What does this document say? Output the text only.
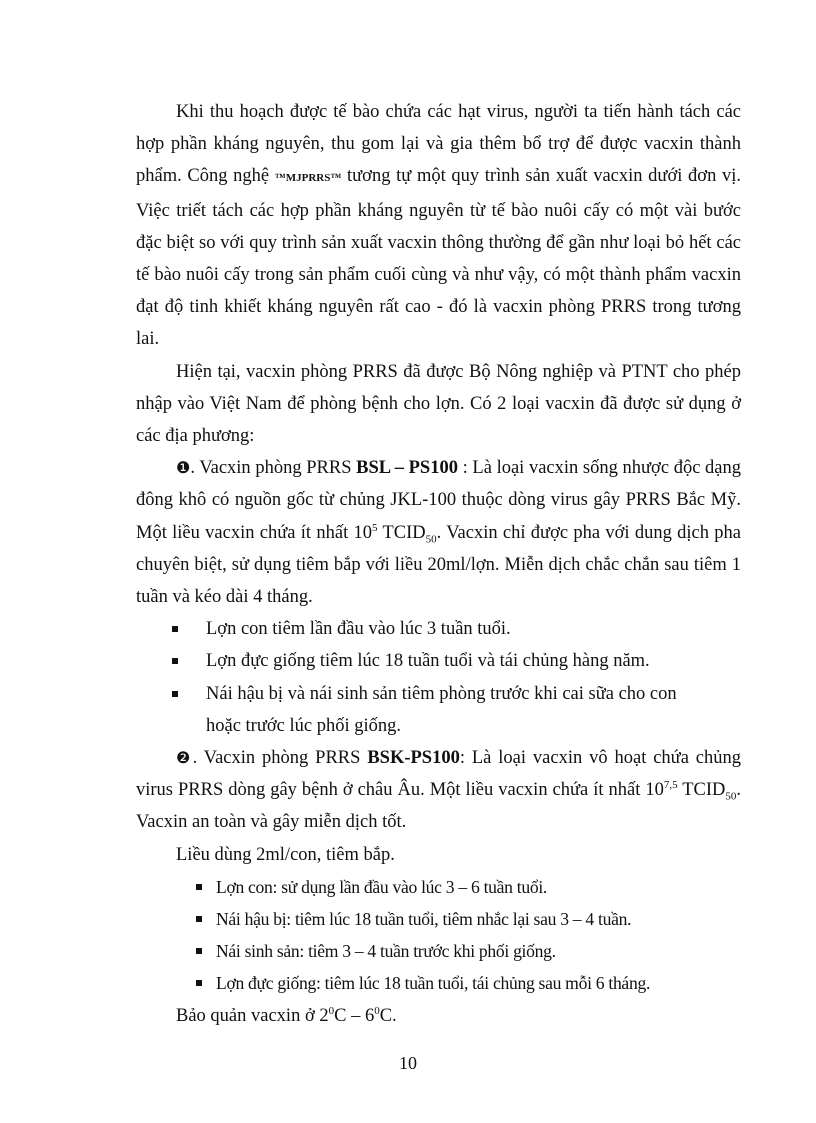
Khi thu hoạch được tế bào chứa các hạt virus, người ta tiến hành tách các hợp phần kháng nguyên, thu gom lại và gia thêm bổ trợ để được vacxin thành phẩm. Công nghệ ™MJPRRS™ tương tự một quy trình sản xuất vacxin dưới đơn vị. Việc triết tách các hợp phần kháng nguyên từ tế bào nuôi cấy có một vài bước đặc biệt so với quy trình sản xuất vacxin thông thường để gần như loại bỏ hết các tế bào nuôi cấy trong sản phẩm cuối cùng và như vậy, có một thành phẩm vacxin đạt độ tinh khiết kháng nguyên rất cao - đó là vacxin phòng PRRS trong tương lai.

Hiện tại, vacxin phòng PRRS đã được Bộ Nông nghiệp và PTNT cho phép nhập vào Việt Nam để phòng bệnh cho lợn. Có 2 loại vacxin đã được sử dụng ở các địa phương:

❶. Vacxin phòng PRRS BSL – PS100 : Là loại vacxin sống nhược độc dạng đông khô có nguồn gốc từ chủng JKL-100 thuộc dòng virus gây PRRS Bắc Mỹ. Một liều vacxin chứa ít nhất $10^5$ $TCID_{50}$. Vacxin chỉ được pha với dung dịch pha chuyên biệt, sử dụng tiêm bắp với liều 20ml/lợn. Miễn dịch chắc chắn sau tiêm 1 tuần và kéo dài 4 tháng.

Lợn con tiêm lần đầu vào lúc 3 tuần tuổi.
Lợn đực giống tiêm lúc 18 tuần tuổi và tái chủng hàng năm.
Nái hậu bị và nái sinh sản tiêm phòng trước khi cai sữa cho con
hoặc trước lúc phối giống.

❷. Vacxin phòng PRRS BSK-PS100: Là loại vacxin vô hoạt chứa chủng virus PRRS dòng gây bệnh ở châu Âu. Một liều vacxin chứa ít nhất 10$^{7,5}$ $TCID_{50}$. Vacxin an toàn và gây miễn dịch tốt.

Liều dùng 2ml/con, tiêm bắp.

Lợn con: sử dụng lần đầu vào lúc 3 – 6 tuần tuổi.
Nái hậu bị: tiêm lúc 18 tuần tuổi, tiêm nhắc lại sau 3 – 4 tuần.
Nái sinh sản: tiêm 3 – 4 tuần trước khi phối giống.
Lợn đực giống: tiêm lúc 18 tuần tuổi, tái chủng sau mỗi 6 tháng.

Bảo quản vacxin ở $2^0C - 6^0C$.

10
